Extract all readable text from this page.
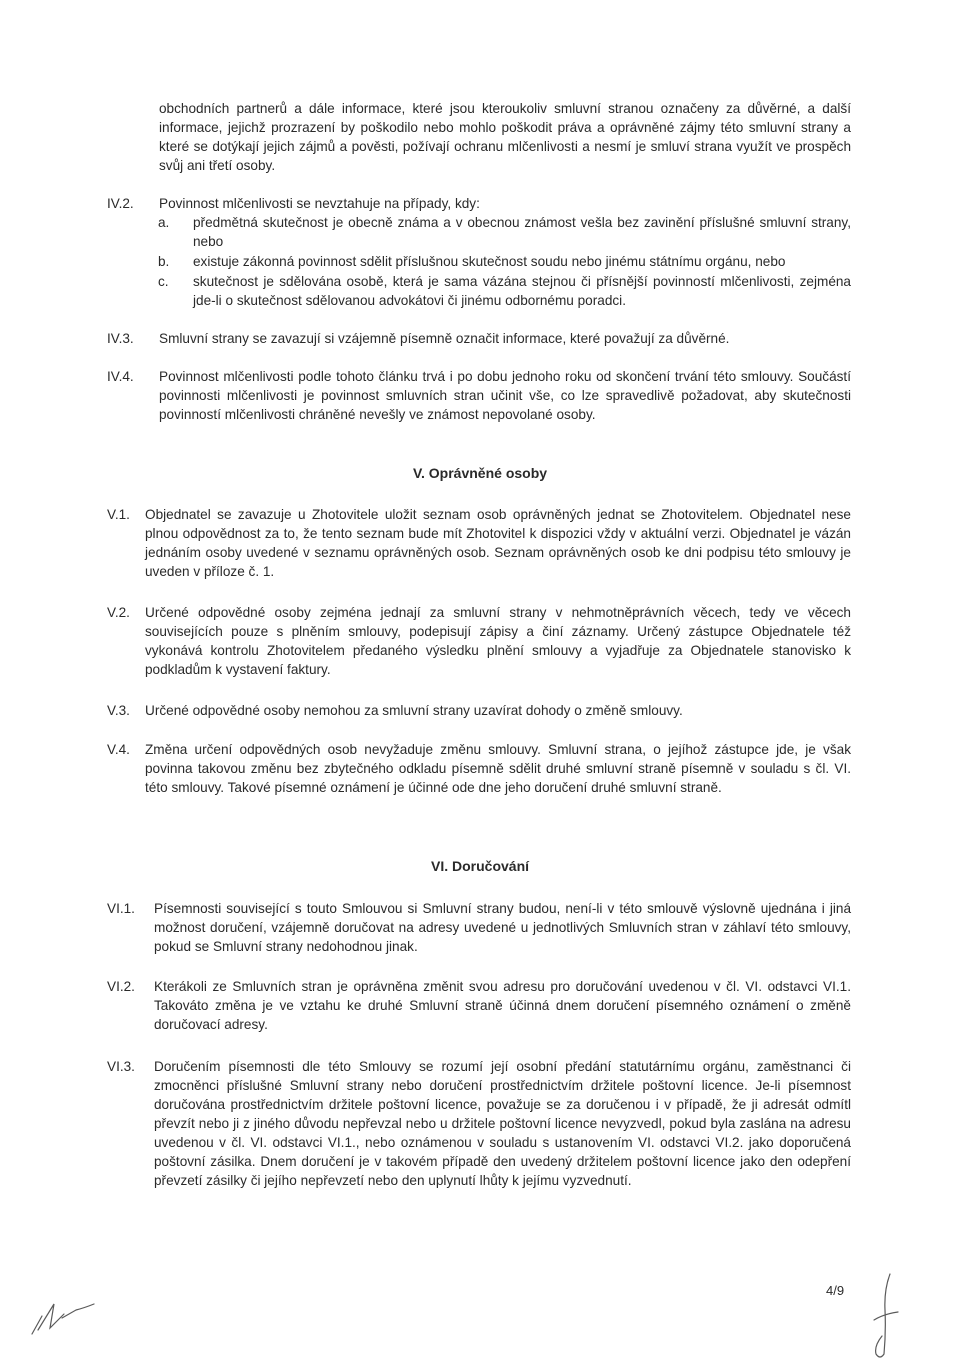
obchodních partnerů a dále informace, které jsou kteroukoliv smluvní stranou označeny za důvěrné, a další informace, jejichž prozrazení by poškodilo nebo mohlo poškodit práva a oprávněné zájmy této smluvní strany a které se dotýkají jejich zájmů a pověsti, požívají ochranu mlčenlivosti a nesmí je smluví strana využít ve prospěch svůj ani třetí osoby.

IV.2. Povinnost mlčenlivosti se nevztahuje na případy, kdy:

a. předmětná skutečnost je obecně známa a v obecnou známost vešla bez zavinění příslušné smluvní strany, nebo

b. existuje zákonná povinnost sdělit příslušnou skutečnost soudu nebo jinému státnímu orgánu, nebo

c. skutečnost je sdělována osobě, která je sama vázána stejnou či přísnější povinností mlčenlivosti, zejména jde-li o skutečnost sdělovanou advokátovi či jinému odbornému poradci.

IV.3. Smluvní strany se zavazují si vzájemně písemně označit informace, které považují za důvěrné.

IV.4. Povinnost mlčenlivosti podle tohoto článku trvá i po dobu jednoho roku od skončení trvání této smlouvy. Součástí povinnosti mlčenlivosti je povinnost smluvních stran učinit vše, co lze spravedlivě požadovat, aby skutečnosti povinností mlčenlivosti chráněné nevešly ve známost nepovolané osoby.

V. Oprávněné osoby

V.1. Objednatel se zavazuje u Zhotovitele uložit seznam osob oprávněných jednat se Zhotovitelem. Objednatel nese plnou odpovědnost za to, že tento seznam bude mít Zhotovitel k dispozici vždy v aktuální verzi. Objednatel je vázán jednáním osoby uvedené v seznamu oprávněných osob. Seznam oprávněných osob ke dni podpisu této smlouvy je uveden v příloze č. 1.

V.2. Určené odpovědné osoby zejména jednají za smluvní strany v nehmotněprávních věcech, tedy ve věcech souvisejících pouze s plněním smlouvy, podepisují zápisy a činí záznamy. Určený zástupce Objednatele též vykonává kontrolu Zhotovitelem předaného výsledku plnění smlouvy a vyjadřuje za Objednatele stanovisko k podkladům k vystavení faktury.

V.3. Určené odpovědné osoby nemohou za smluvní strany uzavírat dohody o změně smlouvy.

V.4. Změna určení odpovědných osob nevyžaduje změnu smlouvy. Smluvní strana, o jejíhož zástupce jde, je však povinna takovou změnu bez zbytečného odkladu písemně sdělit druhé smluvní straně písemně v souladu s čl. VI. této smlouvy. Takové písemné oznámení je účinné ode dne jeho doručení druhé smluvní straně.

VI. Doručování

VI.1. Písemnosti související s touto Smlouvou si Smluvní strany budou, není-li v této smlouvě výslovně ujednána i jiná možnost doručení, vzájemně doručovat na adresy uvedené u jednotlivých Smluvních stran v záhlaví této smlouvy, pokud se Smluvní strany nedohodnou jinak.

VI.2. Kterákoli ze Smluvních stran je oprávněna změnit svou adresu pro doručování uvedenou v čl. VI. odstavci VI.1. Takováto změna je ve vztahu ke druhé Smluvní straně účinná dnem doručení písemného oznámení o změně doručovací adresy.

VI.3. Doručením písemnosti dle této Smlouvy se rozumí její osobní předání statutárnímu orgánu, zaměstnanci či zmocněnci příslušné Smluvní strany nebo doručení prostřednictvím držitele poštovní licence. Je-li písemnost doručována prostřednictvím držitele poštovní licence, považuje se za doručenou i v případě, že ji adresát odmítl převzít nebo ji z jiného důvodu nepřevzal nebo u držitele poštovní licence nevyzvedl, pokud byla zaslána na adresu uvedenou v čl. VI. odstavci VI.1., nebo oznámenou v souladu s ustanovením VI. odstavci VI.2. jako doporučená poštovní zásilka. Dnem doručení je v takovém případě den uvedený držitelem poštovní licence jako den odepření převzetí zásilky či jejího nepřevzetí nebo den uplynutí lhůty k jejímu vyzvednutí.

4/9
